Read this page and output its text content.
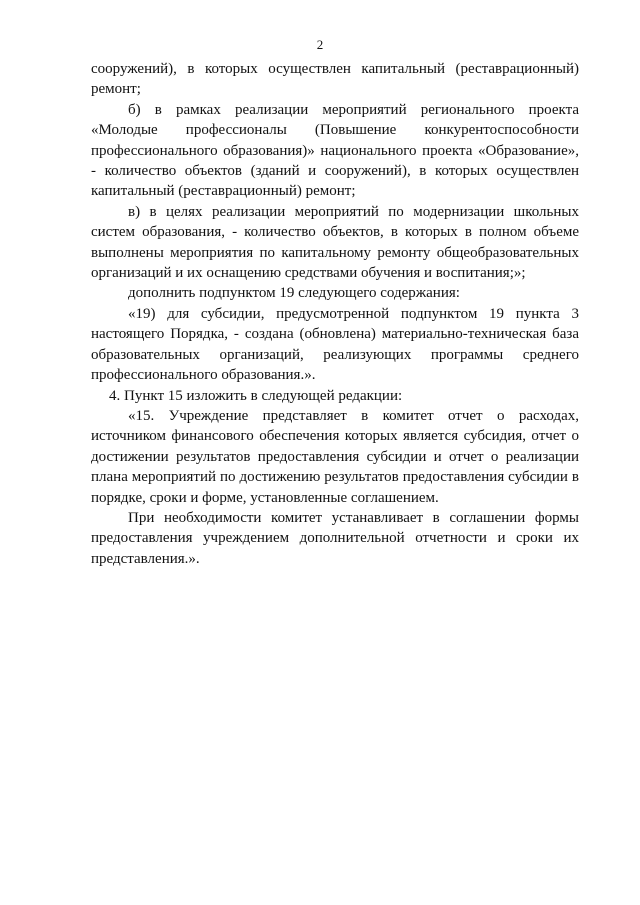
2

сооружений), в которых осуществлен капитальный (реставрационный) ремонт;

б) в рамках реализации мероприятий регионального проекта «Молодые профессионалы (Повышение конкурентоспособности профессионального образования)» национального проекта «Образование», - количество объектов (зданий и сооружений), в которых осуществлен капитальный (реставрационный) ремонт;

в) в целях реализации мероприятий по модернизации школьных систем образования, - количество объектов, в которых в полном объеме выполнены мероприятия по капитальному ремонту общеобразовательных организаций и их оснащению средствами обучения и воспитания;»;

дополнить подпунктом 19 следующего содержания:

«19) для субсидии, предусмотренной подпунктом 19 пункта 3 настоящего Порядка, - создана (обновлена) материально-техническая база образовательных организаций, реализующих программы среднего профессионального образования.».

4. Пункт 15 изложить в следующей редакции:

«15. Учреждение представляет в комитет отчет о расходах, источником финансового обеспечения которых является субсидия, отчет о достижении результатов предоставления субсидии и отчет о реализации плана мероприятий по достижению результатов предоставления субсидии в порядке, сроки и форме, установленные соглашением.

При необходимости комитет устанавливает в соглашении формы предоставления учреждением дополнительной отчетности и сроки их представления.».
